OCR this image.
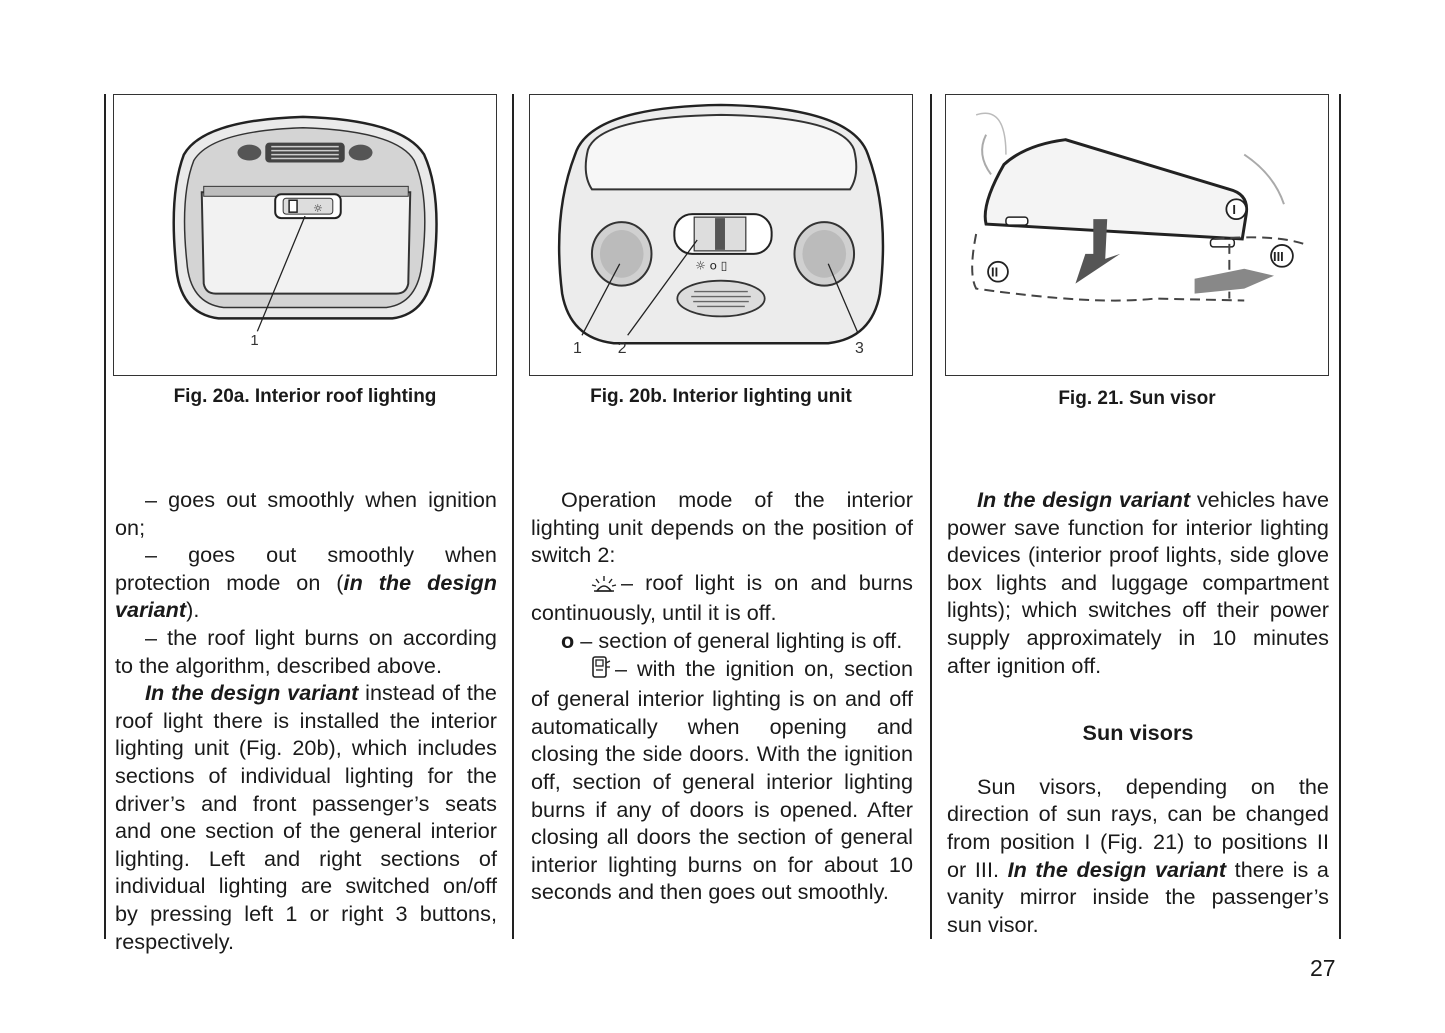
☼
1
Fig. 20a. Interior roof lighting

– goes out smoothly when ignition on;

– goes out smoothly when protection mode on (in the design variant).

– the roof light burns on according to the algorithm, described above.

In the design variant instead of the roof light there is installed the interior lighting unit (Fig. 20b), which includes sections of individual lighting for the driver’s and front passenger’s seats and one section of the general interior lighting. Left and right sections of individual lighting are switched on/off by pressing left 1 or right 3 buttons, respectively.

☼ o ▯
1 2	3
Fig. 20b. Interior lighting unit

Operation mode of the interior lighting unit depends on the position of switch 2:

– roof light is on and burns continuously, until it is off.

o – section of general lighting is off.

– with the ignition on, section of general interior lighting is on and off automatically when opening and closing the side doors. With the ignition off, section of general interior lighting burns if any of doors is opened. After closing all doors the section of general interior lighting burns on for about 10 seconds and then goes out smoothly.

I
II
III
Fig. 21. Sun visor

In the design variant vehicles have power save function for interior lighting devices (interior proof lights, side glove box lights and luggage compartment lights); which switches off their power supply approximately in 10 minutes after ignition off.

Sun visors

Sun visors, depending on the direction of sun rays, can be changed from position I (Fig. 21) to positions II or III. In the design variant there is a vanity mirror inside the passenger’s sun visor.

27
